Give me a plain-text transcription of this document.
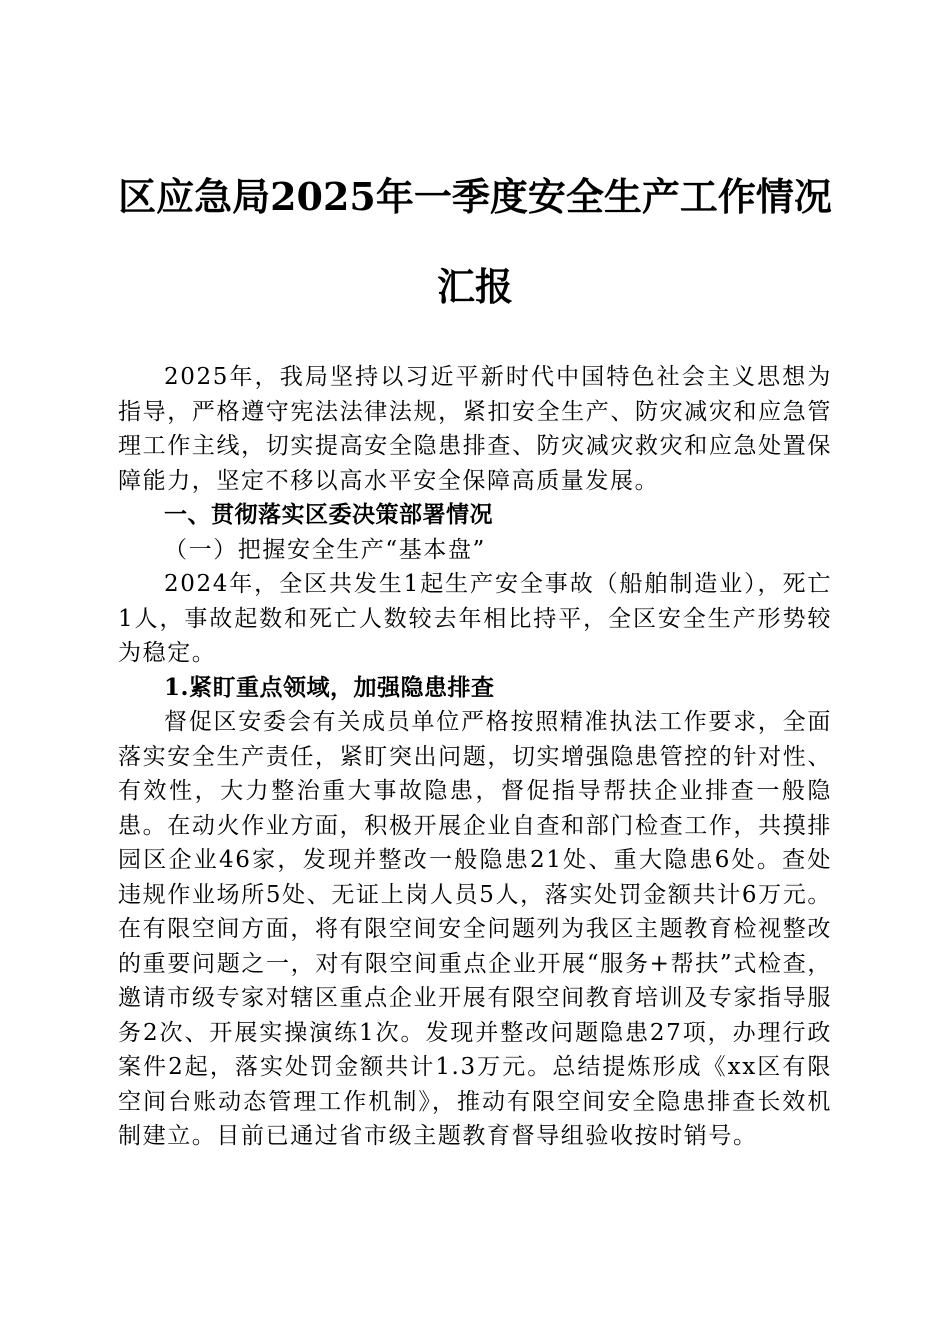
区应急局2025年一季度安全生产工作情况汇报

2025年，我局坚持以习近平新时代中国特色社会主义思想为指导，严格遵守宪法法律法规，紧扣安全生产、防灾减灾和应急管理工作主线，切实提高安全隐患排查、防灾减灾救灾和应急处置保障能力，坚定不移以高水平安全保障高质量发展。

一、贯彻落实区委决策部署情况

（一）把握安全生产“基本盘”

2024年，全区共发生1起生产安全事故（船舶制造业），死亡1人，事故起数和死亡人数较去年相比持平，全区安全生产形势较为稳定。

1.紧盯重点领域，加强隐患排查

督促区安委会有关成员单位严格按照精准执法工作要求，全面落实安全生产责任，紧盯突出问题，切实增强隐患管控的针对性、有效性，大力整治重大事故隐患，督促指导帮扶企业排查一般隐患。在动火作业方面，积极开展企业自查和部门检查工作，共摸排园区企业46家，发现并整改一般隐患21处、重大隐患6处。查处违规作业场所5处、无证上岗人员5人，落实处罚金额共计6万元。在有限空间方面，将有限空间安全问题列为我区主题教育检视整改的重要问题之一，对有限空间重点企业开展“服务+帮扶”式检查，邀请市级专家对辖区重点企业开展有限空间教育培训及专家指导服务2次、开展实操演练1次。发现并整改问题隐患27项，办理行政案件2起，落实处罚金额共计1.3万元。总结提炼形成《xx区有限空间台账动态管理工作机制》，推动有限空间安全隐患排查长效机制建立。目前已通过省市级主题教育督导组验收按时销号。
